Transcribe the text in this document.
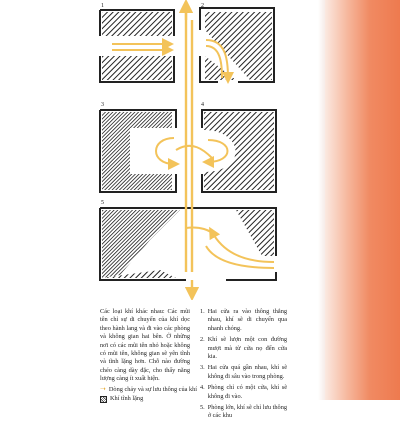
1	2
3	4
5

Các loại khí khác nhau: Các mũi tên chỉ sự di chuyển của khí dọc theo hành lang và đi vào các phòng và không gian hai bên. Ở những nơi có các mũi tên nhỏ hoặc không có mũi tên, không gian sẽ yên tĩnh và tĩnh lặng hơn. Chỗ nào đường chéo càng dày đặc, cho thấy năng lượng càng ít xuất hiện.

➝ Dòng chảy và sự lưu thông của khí
Khí tĩnh lặng
1. Hai cửa ra vào thông thẳng nhau, khí sẽ di chuyển qua nhanh chóng.
2. Khí sẽ lượn một con đường mượt mà từ cửa nọ đến cửa kia.
3. Hai cửa quá gần nhau, khí sẽ không đi sâu vào trong phòng.
4. Phòng chỉ có một cửa, khí sẽ không đi vào.
5. Phòng lớn, khí sẽ chỉ lưu thông ở các khu
